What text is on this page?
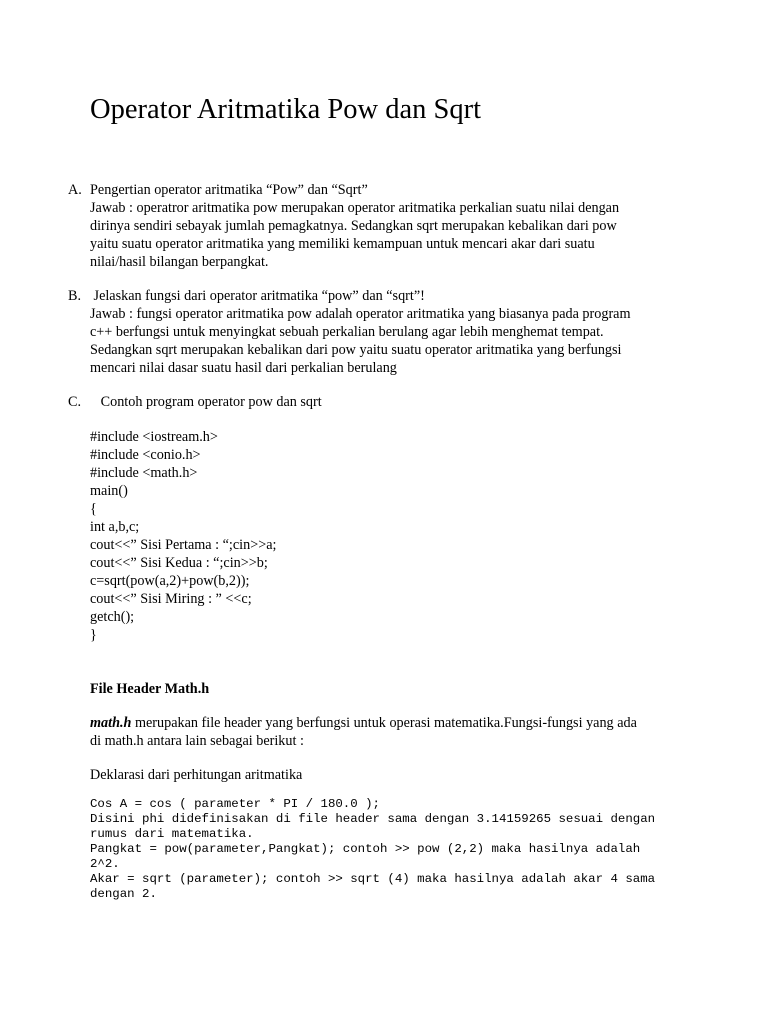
Operator Aritmatika Pow dan Sqrt
A. Pengertian operator aritmatika “Pow” dan “Sqrt”
Jawab : operatror aritmatika pow merupakan operator aritmatika perkalian suatu nilai dengan
dirinya sendiri sebayak jumlah pemagkatnya. Sedangkan sqrt merupakan kebalikan dari pow
yaitu suatu operator aritmatika yang memiliki kemampuan untuk mencari akar dari suatu
nilai/hasil bilangan berpangkat.
B. Jelaskan fungsi dari operator aritmatika “pow” dan “sqrt”!
Jawab : fungsi operator aritmatika pow adalah operator aritmatika yang biasanya pada program
c++ berfungsi untuk menyingkat sebuah perkalian berulang agar lebih menghemat tempat.
Sedangkan sqrt merupakan kebalikan dari pow yaitu suatu operator aritmatika yang berfungsi
mencari nilai dasar suatu hasil dari perkalian berulang
C. Contoh program operator pow dan sqrt
#include <iostream.h>
#include <conio.h>
#include <math.h>
main()
{
int a,b,c;
cout<<” Sisi Pertama : “;cin>>a;
cout<<” Sisi Kedua : “;cin>>b;
c=sqrt(pow(a,2)+pow(b,2));
cout<<” Sisi Miring : ” <<c;
getch();
}
File Header Math.h
math.h merupakan file header yang berfungsi untuk operasi matematika.Fungsi-fungsi yang ada
di math.h antara lain sebagai berikut :
Deklarasi dari perhitungan aritmatika
Cos A = cos ( parameter * PI / 180.0 );
Disini phi didefinisakan di file header sama dengan 3.14159265 sesuai dengan
rumus dari matematika.
Pangkat = pow(parameter,Pangkat); contoh >> pow (2,2) maka hasilnya adalah
2^2.
Akar = sqrt (parameter); contoh >> sqrt (4) maka hasilnya adalah akar 4 sama
dengan 2.
